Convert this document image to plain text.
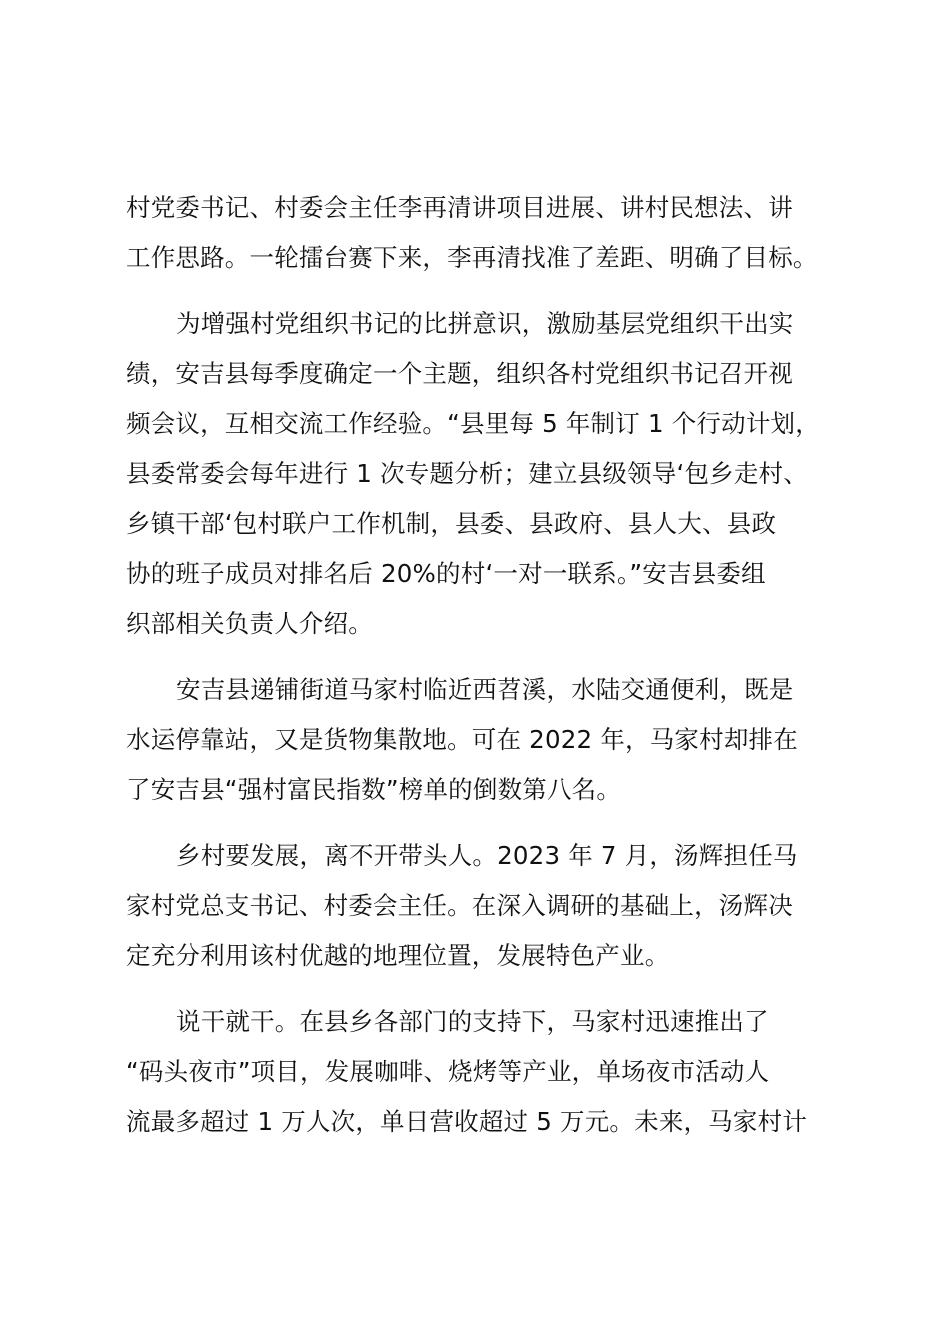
村党委书记、村委会主任李再清讲项目进展、讲村民想法、讲
工作思路。一轮擂台赛下来，李再清找准了差距、明确了目标。
为增强村党组织书记的比拼意识，激励基层党组织干出实
绩，安吉县每季度确定一个主题，组织各村党组织书记召开视
频会议，互相交流工作经验。“县里每 5 年制订 1 个行动计划，
县委常委会每年进行 1 次专题分析；建立县级领导‘包乡走村、
乡镇干部‘包村联户工作机制，县委、县政府、县人大、县政
协的班子成员对排名后 20%的村‘一对一联系。”安吉县委组
织部相关负责人介绍。
安吉县递铺街道马家村临近西苕溪，水陆交通便利，既是
水运停靠站，又是货物集散地。可在 2022 年，马家村却排在
了安吉县“强村富民指数”榜单的倒数第八名。
乡村要发展，离不开带头人。2023 年 7 月，汤辉担任马
家村党总支书记、村委会主任。在深入调研的基础上，汤辉决
定充分利用该村优越的地理位置，发展特色产业。
说干就干。在县乡各部门的支持下，马家村迅速推出了
“码头夜市”项目，发展咖啡、烧烤等产业，单场夜市活动人
流最多超过 1 万人次，单日营收超过 5 万元。未来，马家村计
